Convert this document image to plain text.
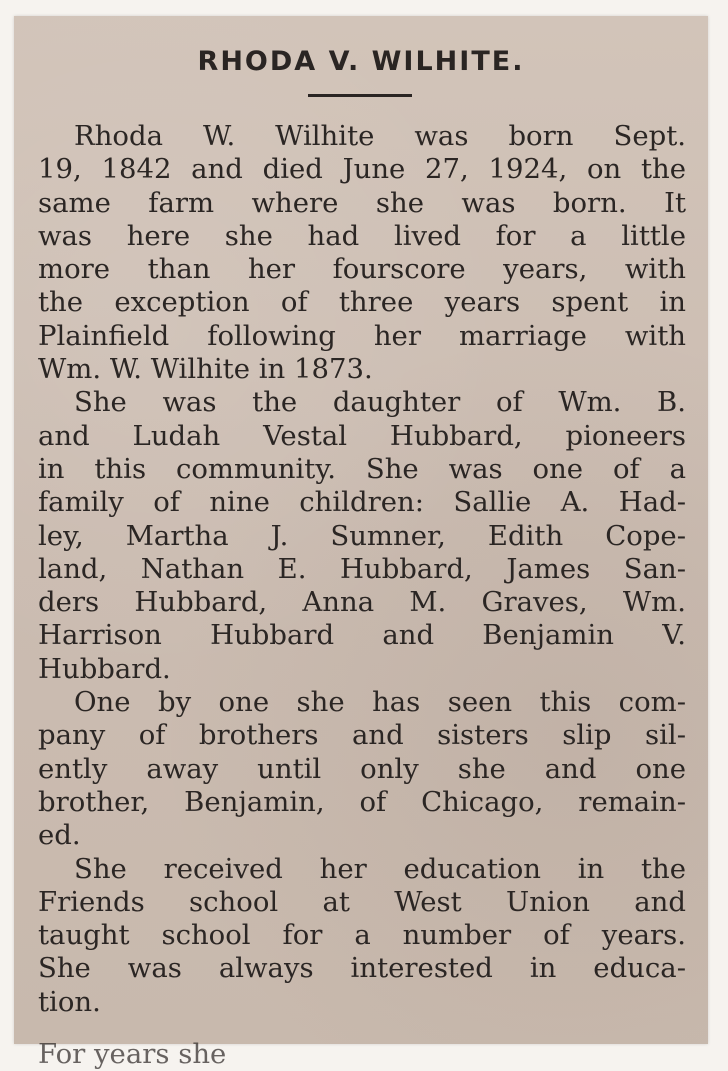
RHODA V. WILHITE.
Rhoda W. Wilhite was born Sept.
19, 1842 and died June 27, 1924, on the
same farm where she was born. It
was here she had lived for a little
more than her fourscore years, with
the exception of three years spent in
Plainfield following her marriage with
Wm. W. Wilhite in 1873.
She was the daughter of Wm. B.
and Ludah Vestal Hubbard, pioneers
in this community. She was one of a
family of nine children: Sallie A. Had-
ley, Martha J. Sumner, Edith Cope-
land, Nathan E. Hubbard, James San-
ders Hubbard, Anna M. Graves, Wm.
Harrison Hubbard and Benjamin V.
Hubbard.
One by one she has seen this com-
pany of brothers and sisters slip sil-
ently away until only she and one
brother, Benjamin, of Chicago, remain-
ed.
She received her education in the
Friends school at West Union and
taught school for a number of years.
She was always interested in educa-
tion.
For years she
